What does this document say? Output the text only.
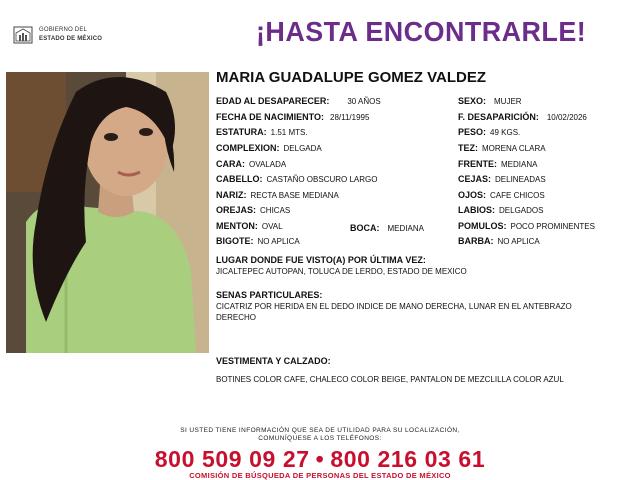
GOBIERNO DEL
ESTADO DE MÉXICO	¡HASTA ENCONTRARLE!
MARIA GUADALUPE GOMEZ VALDEZ
EDAD AL DESAPARECER: 30 AÑOS
FECHA DE NACIMIENTO: 28/11/1995
ESTATURA: 1.51 MTS.
COMPLEXION: DELGADA
CARA: OVALADA
CABELLO: CASTAÑO OBSCURO LARGO
NARIZ: RECTA BASE MEDIANA
OREJAS: CHICAS
MENTON: OVAL	BOCA: MEDIANA
BIGOTE: NO APLICA
SEXO: MUJER
F. DESAPARICIÓN: 10/02/2026
PESO: 49 KGS.
TEZ: MORENA CLARA
FRENTE: MEDIANA
CEJAS: DELINEADAS
OJOS: CAFE CHICOS
LABIOS: DELGADOS
POMULOS: POCO PROMINENTES
BARBA: NO APLICA
LUGAR DONDE FUE VISTO(A) POR ÚLTIMA VEZ:
JICALTEPEC AUTOPAN, TOLUCA DE LERDO, ESTADO DE MEXICO
SENAS PARTICULARES:
CICATRIZ POR HERIDA EN EL DEDO INDICE DE MANO DERECHA, LUNAR EN EL ANTEBRAZO DERECHO
VESTIMENTA Y CALZADO:
BOTINES COLOR CAFE, CHALECO COLOR BEIGE, PANTALON DE MEZCLILLA COLOR AZUL
SI USTED TIENE INFORMACIÓN QUE SEA DE UTILIDAD PARA SU LOCALIZACIÓN,
COMUNÍQUESE A LOS TELÉFONOS:
800 509 09 27 • 800 216 03 61
COMISIÓN DE BÚSQUEDA DE PERSONAS DEL ESTADO DE MÉXICO
